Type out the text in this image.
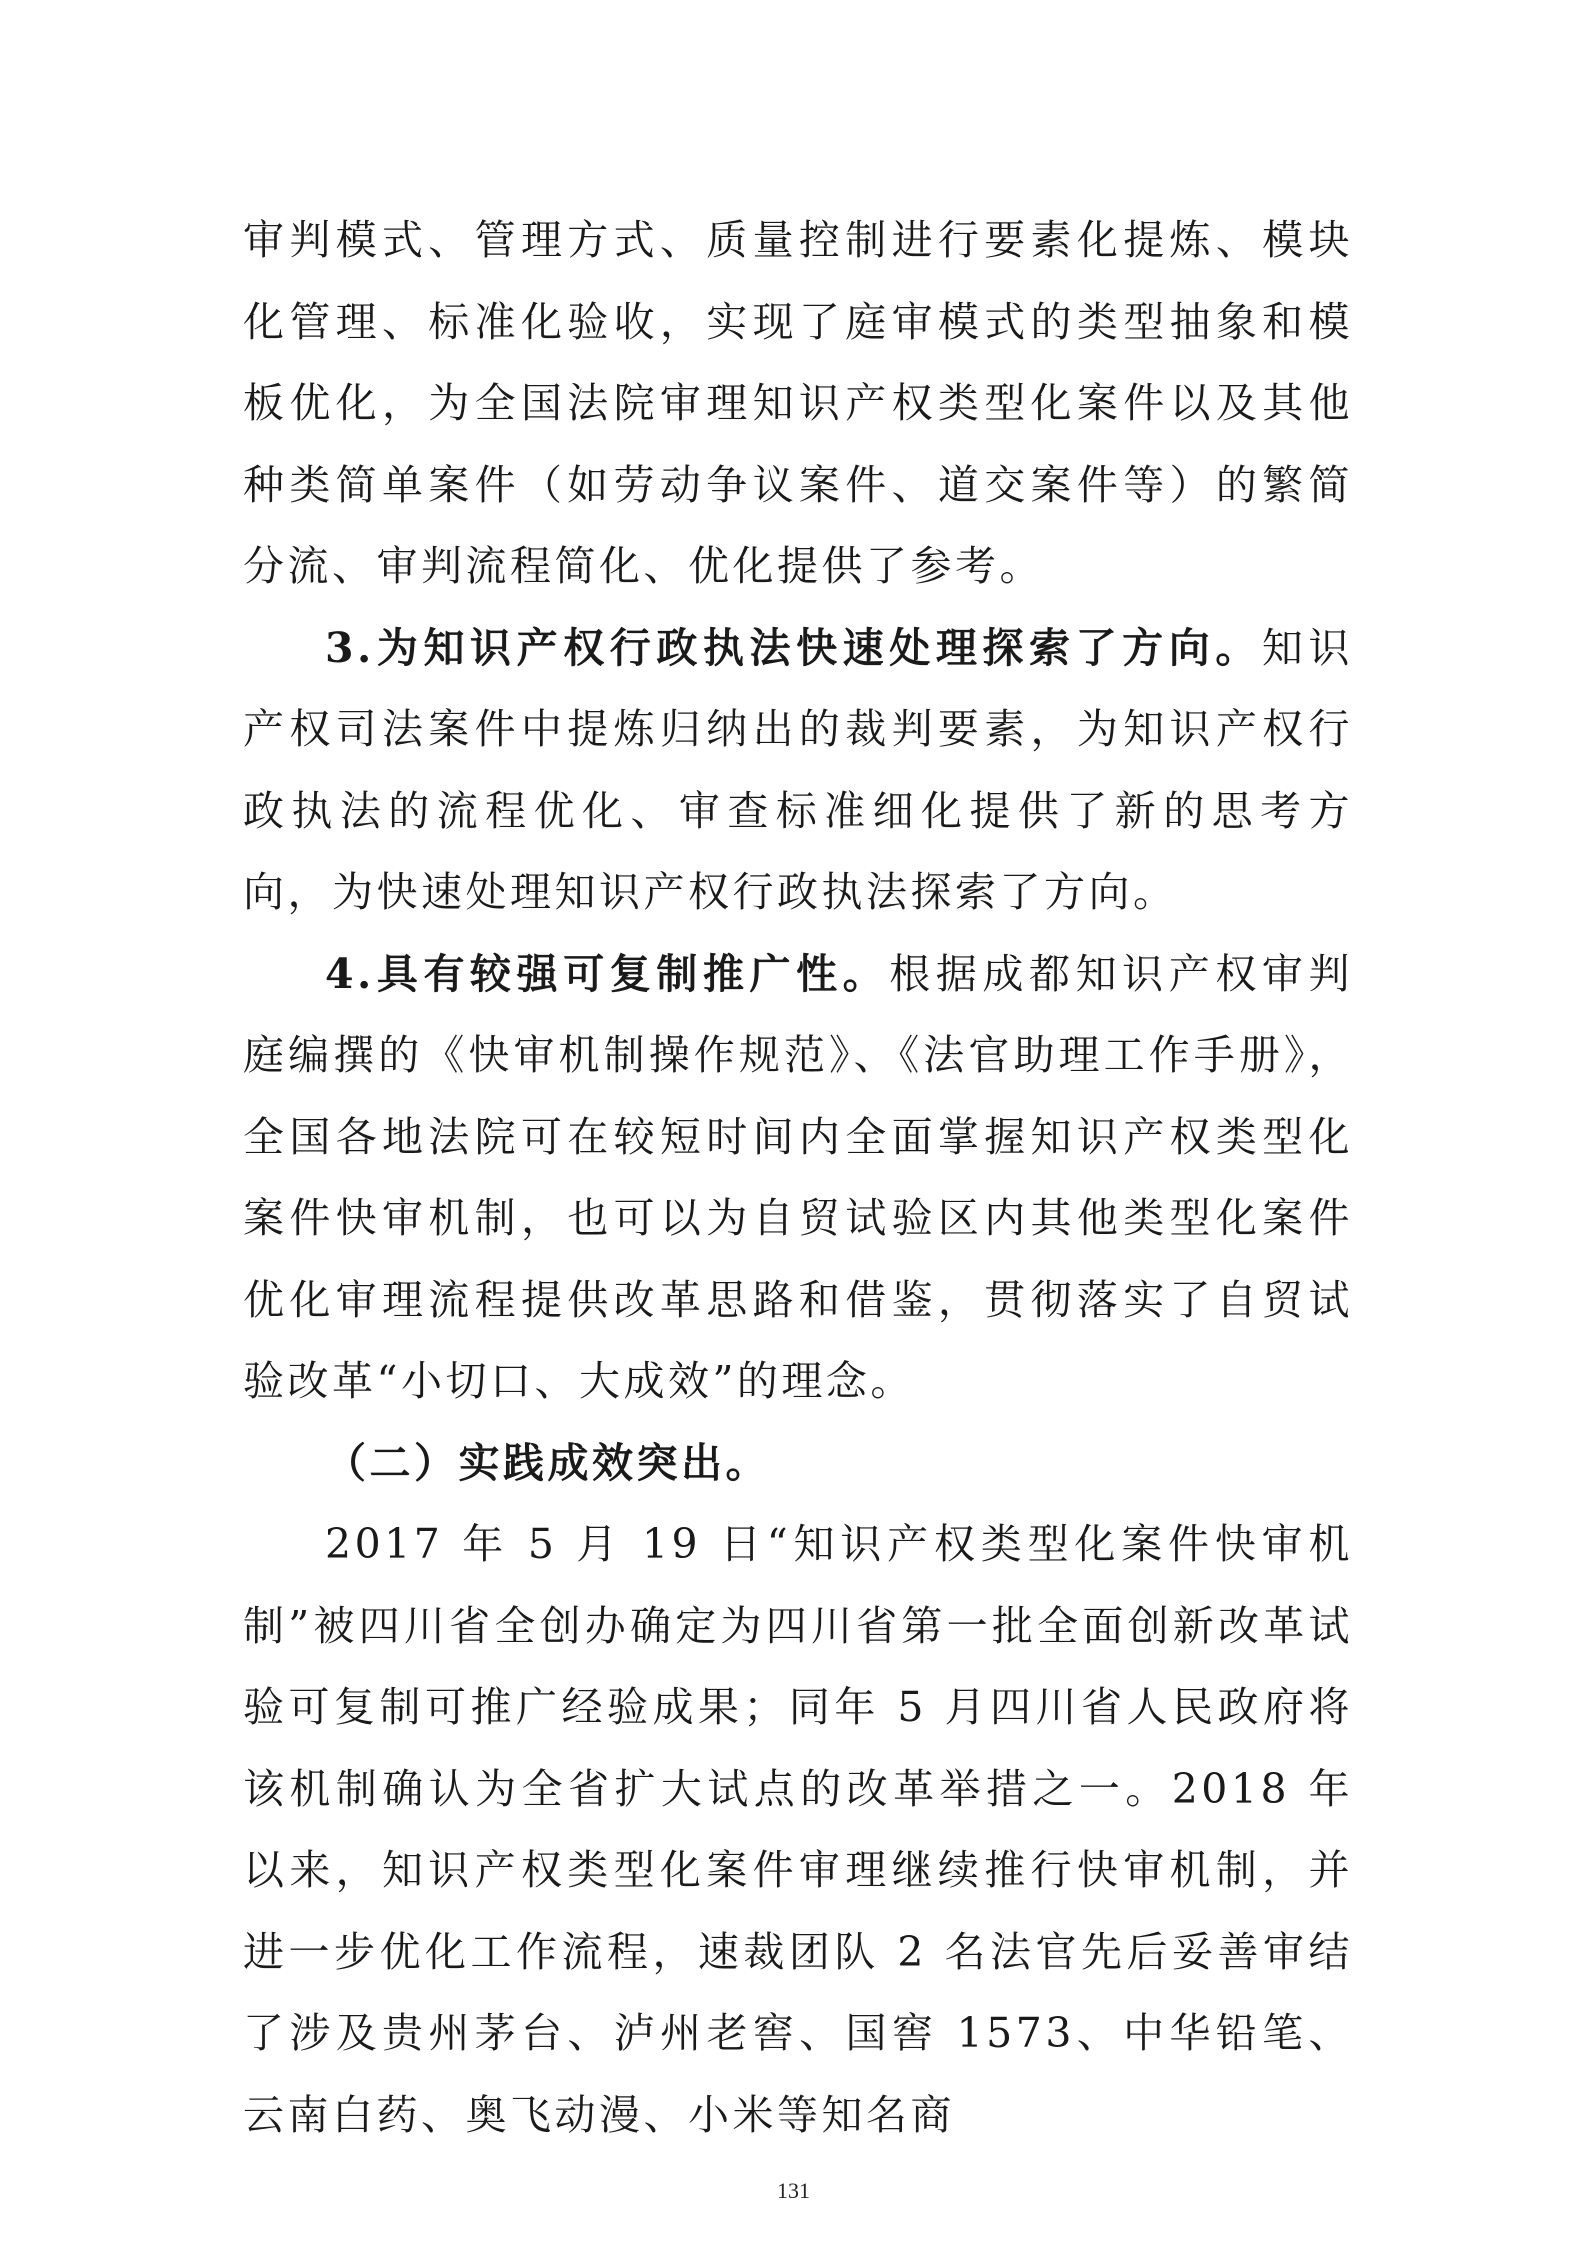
审判模式、管理方式、质量控制进行要素化提炼、模块化管理、标准化验收，实现了庭审模式的类型抽象和模板优化，为全国法院审理知识产权类型化案件以及其他种类简单案件（如劳动争议案件、道交案件等）的繁简分流、审判流程简化、优化提供了参考。

3.为知识产权行政执法快速处理探索了方向。知识产权司法案件中提炼归纳出的裁判要素，为知识产权行政执法的流程优化、审查标准细化提供了新的思考方向，为快速处理知识产权行政执法探索了方向。

4.具有较强可复制推广性。根据成都知识产权审判庭编撰的《快审机制操作规范》、《法官助理工作手册》，全国各地法院可在较短时间内全面掌握知识产权类型化案件快审机制，也可以为自贸试验区内其他类型化案件优化审理流程提供改革思路和借鉴，贯彻落实了自贸试验改革“小切口、大成效”的理念。

（二）实践成效突出。

2017 年 5 月 19 日“知识产权类型化案件快审机制”被四川省全创办确定为四川省第一批全面创新改革试验可复制可推广经验成果；同年 5 月四川省人民政府将该机制确认为全省扩大试点的改革举措之一。2018 年以来，知识产权类型化案件审理继续推行快审机制，并进一步优化工作流程，速裁团队 2 名法官先后妥善审结了涉及贵州茅台、泸州老窖、国窖 1573、中华铅笔、云南白药、奥飞动漫、小米等知名商

131
